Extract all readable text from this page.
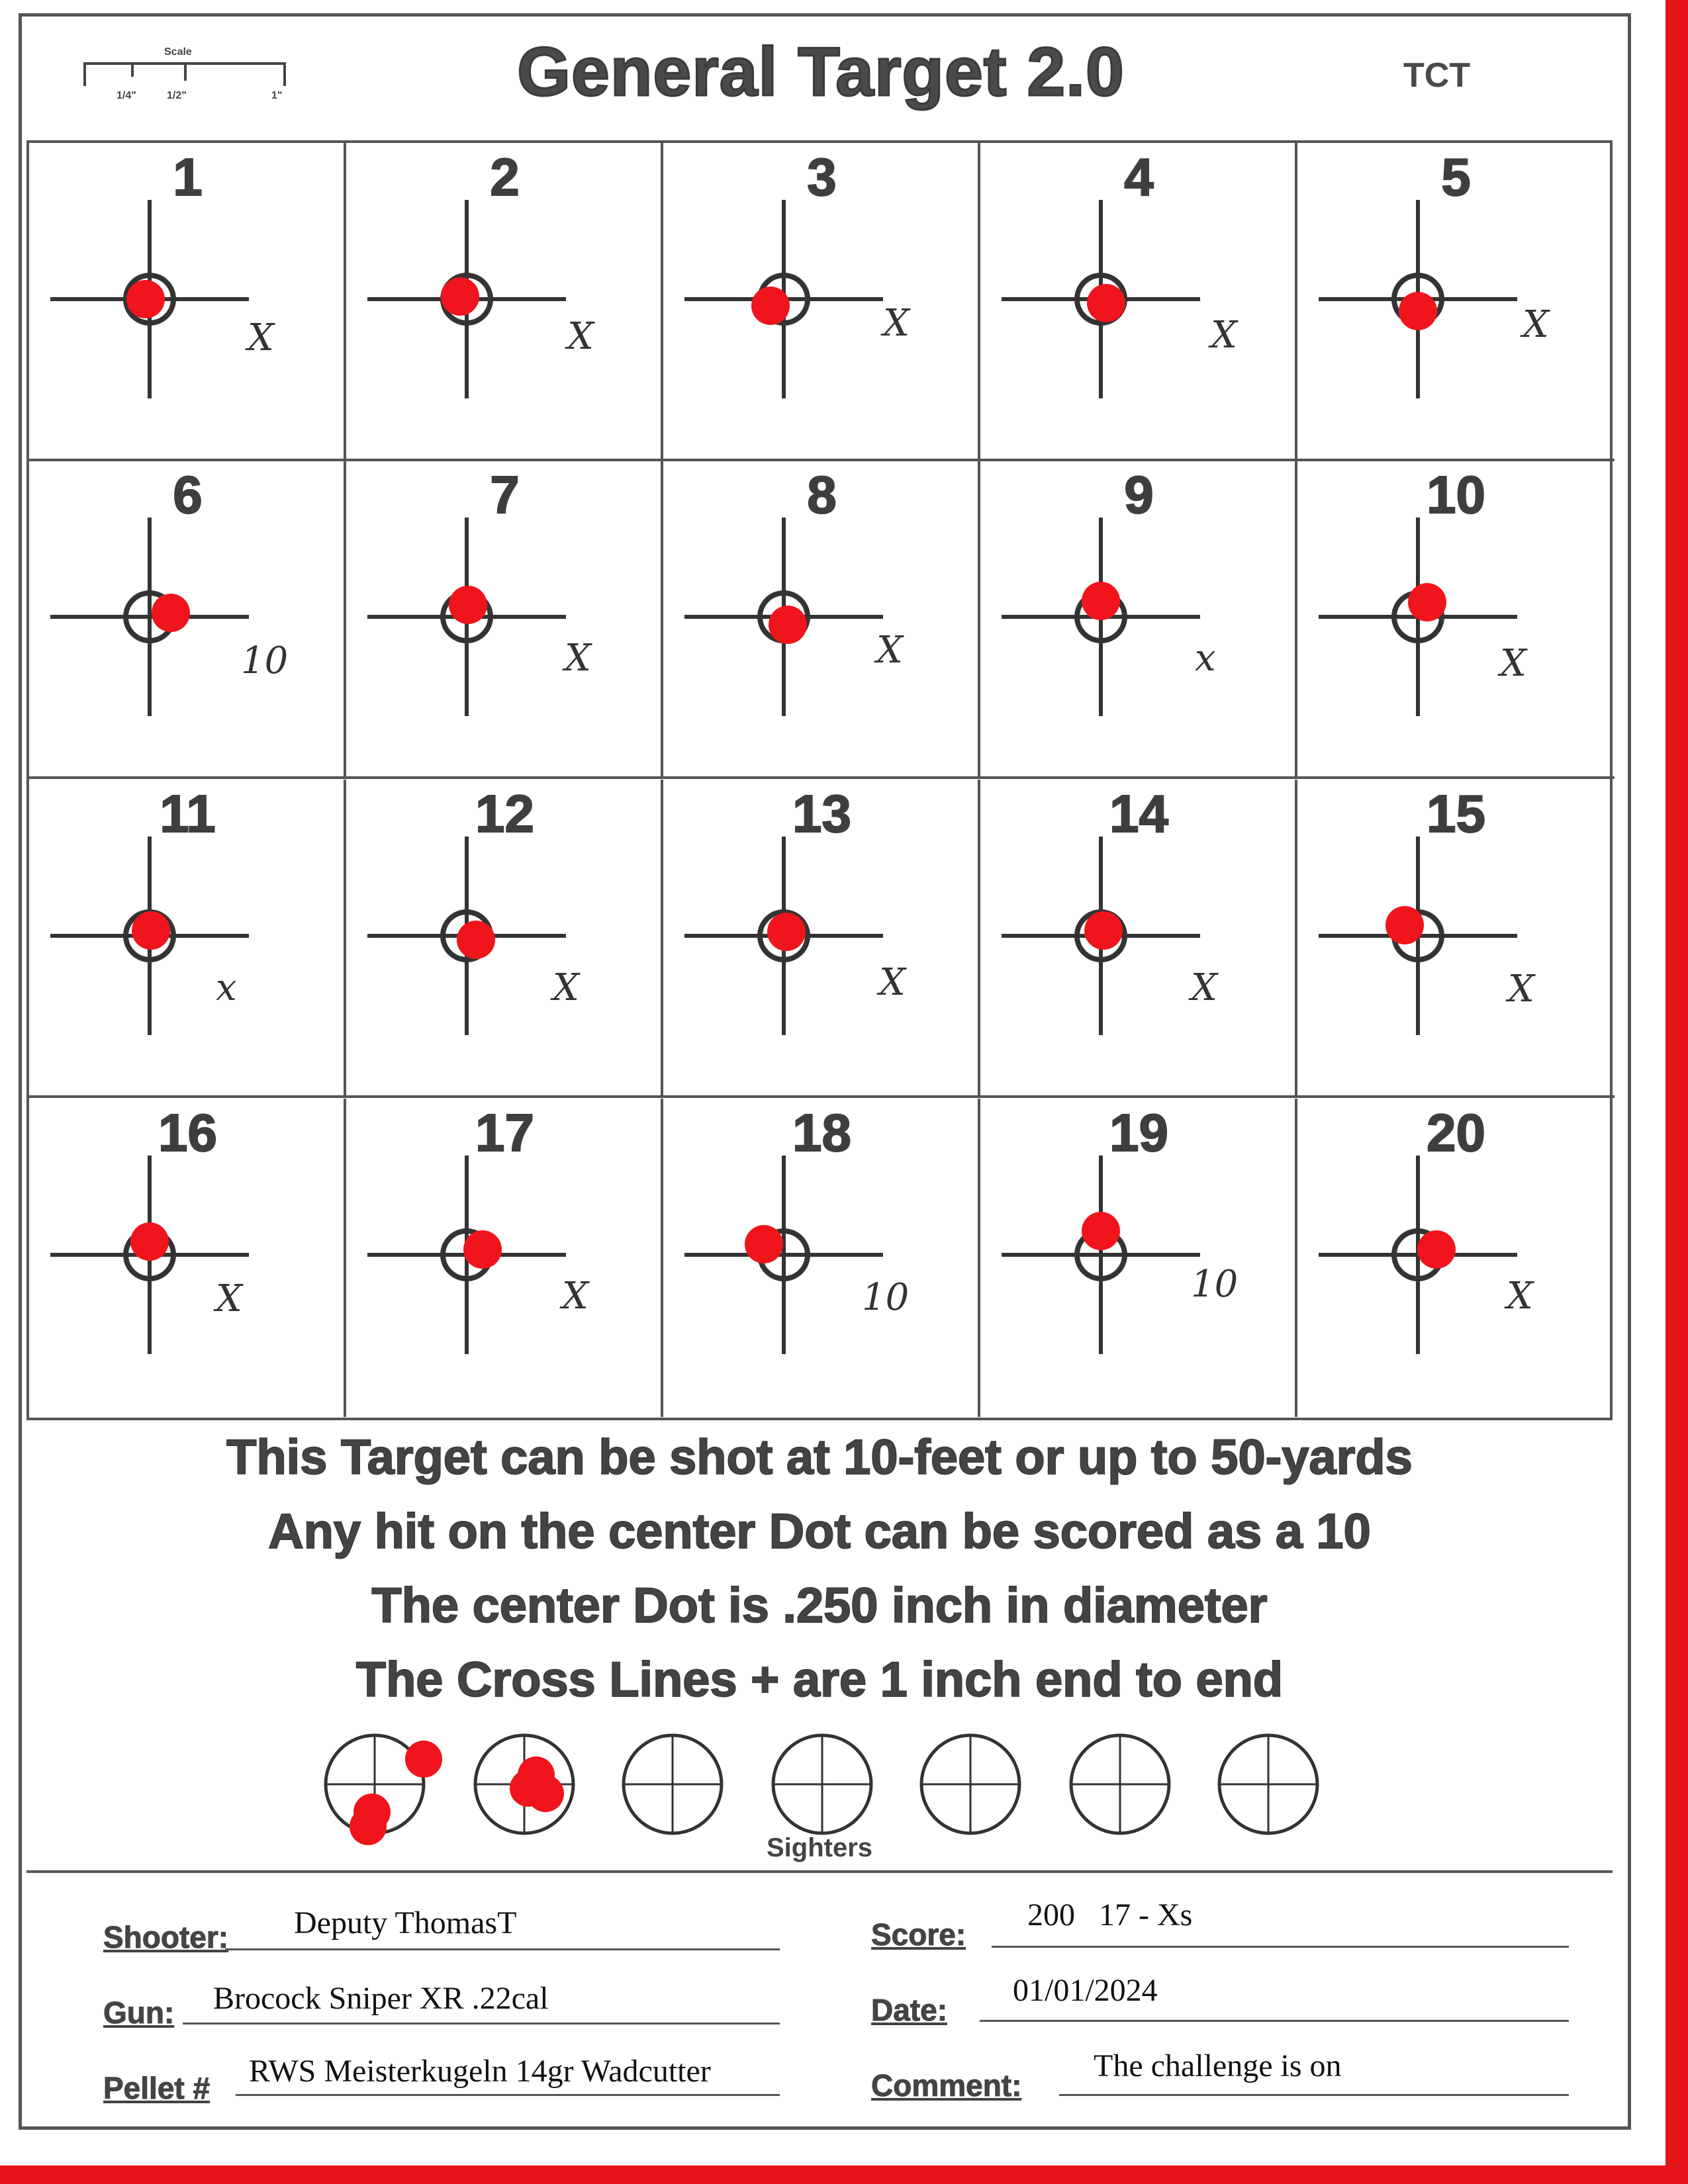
Scale
1/4"	1/2"	1"	General Target 2.0	TCT
1
X
2
X
3
X
4
X
5
X
6
10
7
X
8
X
9
x
10
X
11
x
12
X
13
X
14
X
15
X
16
X
17
X
18
10
19
10
20
X
This Target can be shot at 10-feet or up to 50-yards
Any hit on the center Dot can be scored as a 10
The center Dot is .250 inch in diameter
The Cross Lines + are 1 inch end to end
Sighters
Shooter: Deputy ThomasT
Gun: Brocock Sniper XR .22cal
Pellet # RWS Meisterkugeln 14gr Wadcutter
Score:
200   17 - Xs
Date:
01/01/2024
Comment:
The challenge is on
